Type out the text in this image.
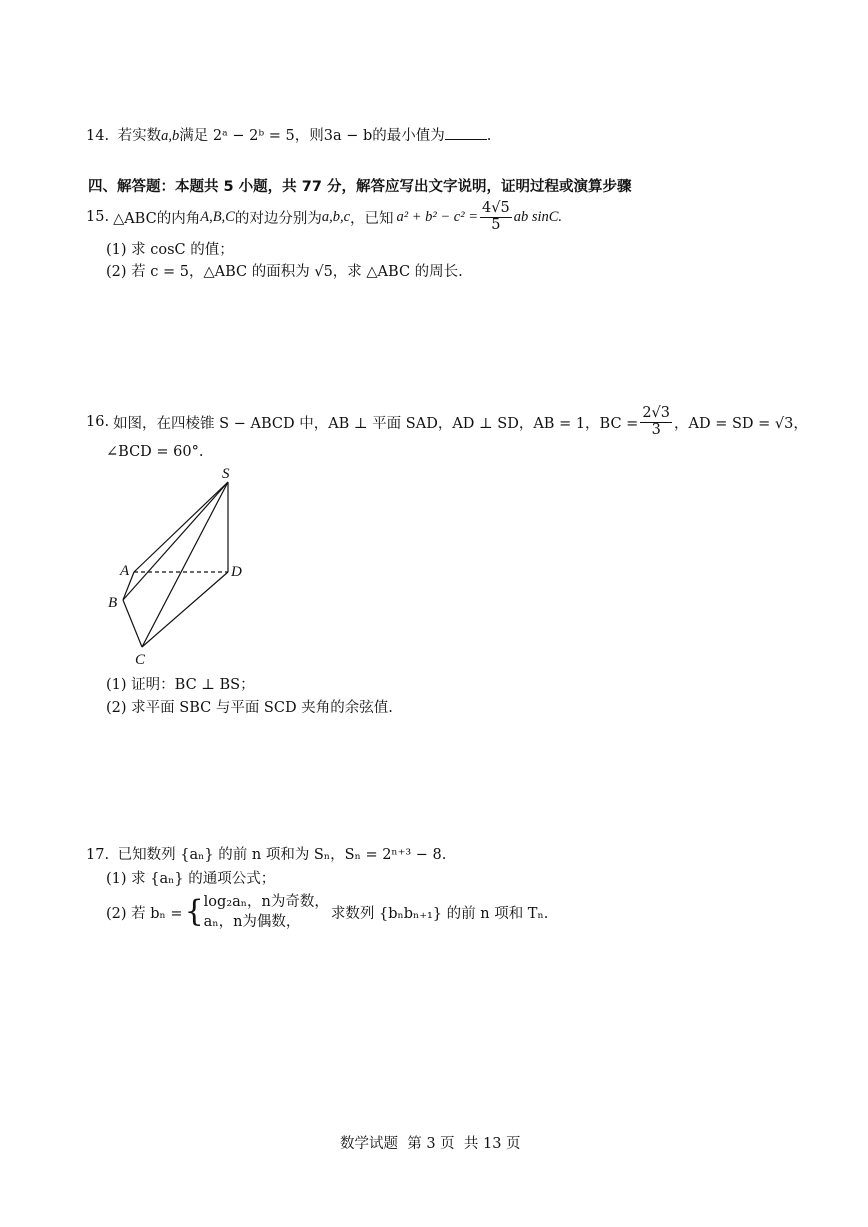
14. 若实数a,b满足 2ᵃ − 2ᵇ = 5，则3a − b的最小值为	.
四、解答题：本题共 5 小题，共 77 分，解答应写出文字说明，证明过程或演算步骤
15. △ABC的内角 A,B,C 的对边分别为 a,b,c ，已知 $a^2 + b^2 - c^2 = \frac{4√5}{5}$ ab sinC.
(1) 求 cosC 的值；
(2) 若 c = 5，△ABC 的面积为 √5，求 △ABC 的周长.
16. 如图，在四棱锥 S − ABCD 中，AB ⊥ 平面 SAD，AD ⊥ SD，AB = 1，BC = $\frac{2√3}{3}$ ，AD = SD = √3，
∠BCD = 60°.
S
A	D
B
C
(1) 证明：BC ⊥ BS；
(2) 求平面 SBC 与平面 SCD 夹角的余弦值.
17. 已知数列 {aₙ} 的前 n 项和为 Sₙ，Sₙ = 2ⁿ⁺³ − 8.
(1) 求 {aₙ} 的通项公式；
(2) 若 bₙ = { log₂aₙ，n为奇数，
aₙ，n为偶数，
求数列 {bₙbₙ₊₁} 的前 n 项和 Tₙ.
数学试题  第 3 页  共 13 页
